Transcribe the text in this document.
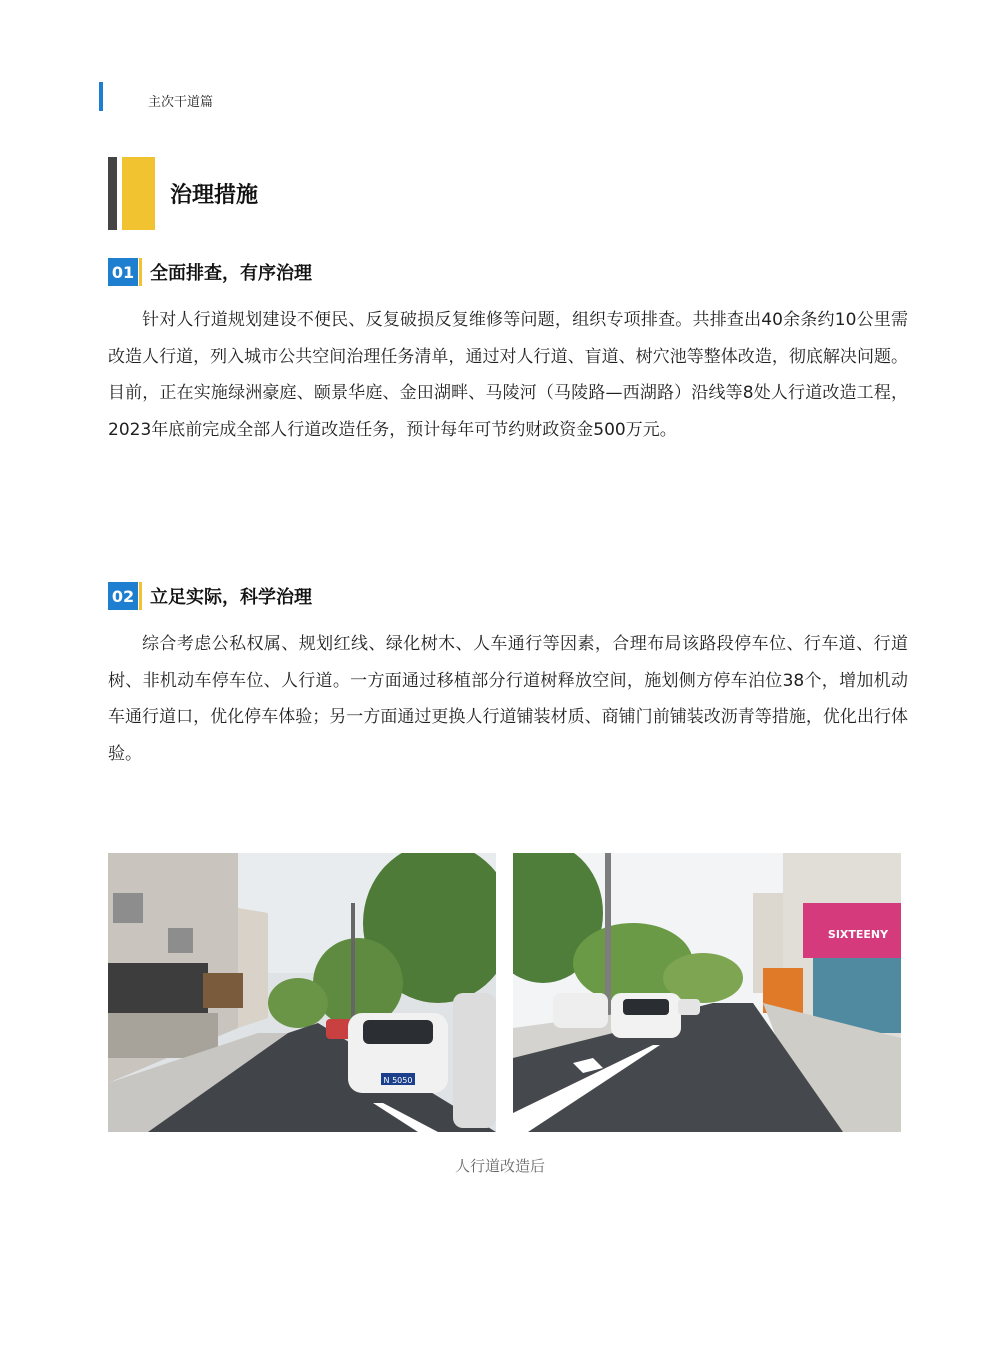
主次干道篇
治理措施
01 全面排查，有序治理

针对人行道规划建设不便民、反复破损反复维修等问题，组织专项排查。共排查出40余条约10公里需改造人行道，列入城市公共空间治理任务清单，通过对人行道、盲道、树穴池等整体改造，彻底解决问题。目前，正在实施绿洲豪庭、颐景华庭、金田湖畔、马陵河（马陵路—西湖路）沿线等8处人行道改造工程，2023年底前完成全部人行道改造任务，预计每年可节约财政资金500万元。

02 立足实际，科学治理

综合考虑公私权属、规划红线、绿化树木、人车通行等因素，合理布局该路段停车位、行车道、行道树、非机动车停车位、人行道。一方面通过移植部分行道树释放空间，施划侧方停车泊位38个，增加机动车通行道口，优化停车体验；另一方面通过更换人行道铺装材质、商铺门前铺装改沥青等措施，优化出行体验。

N 5050
SIXTEENY
人行道改造后
